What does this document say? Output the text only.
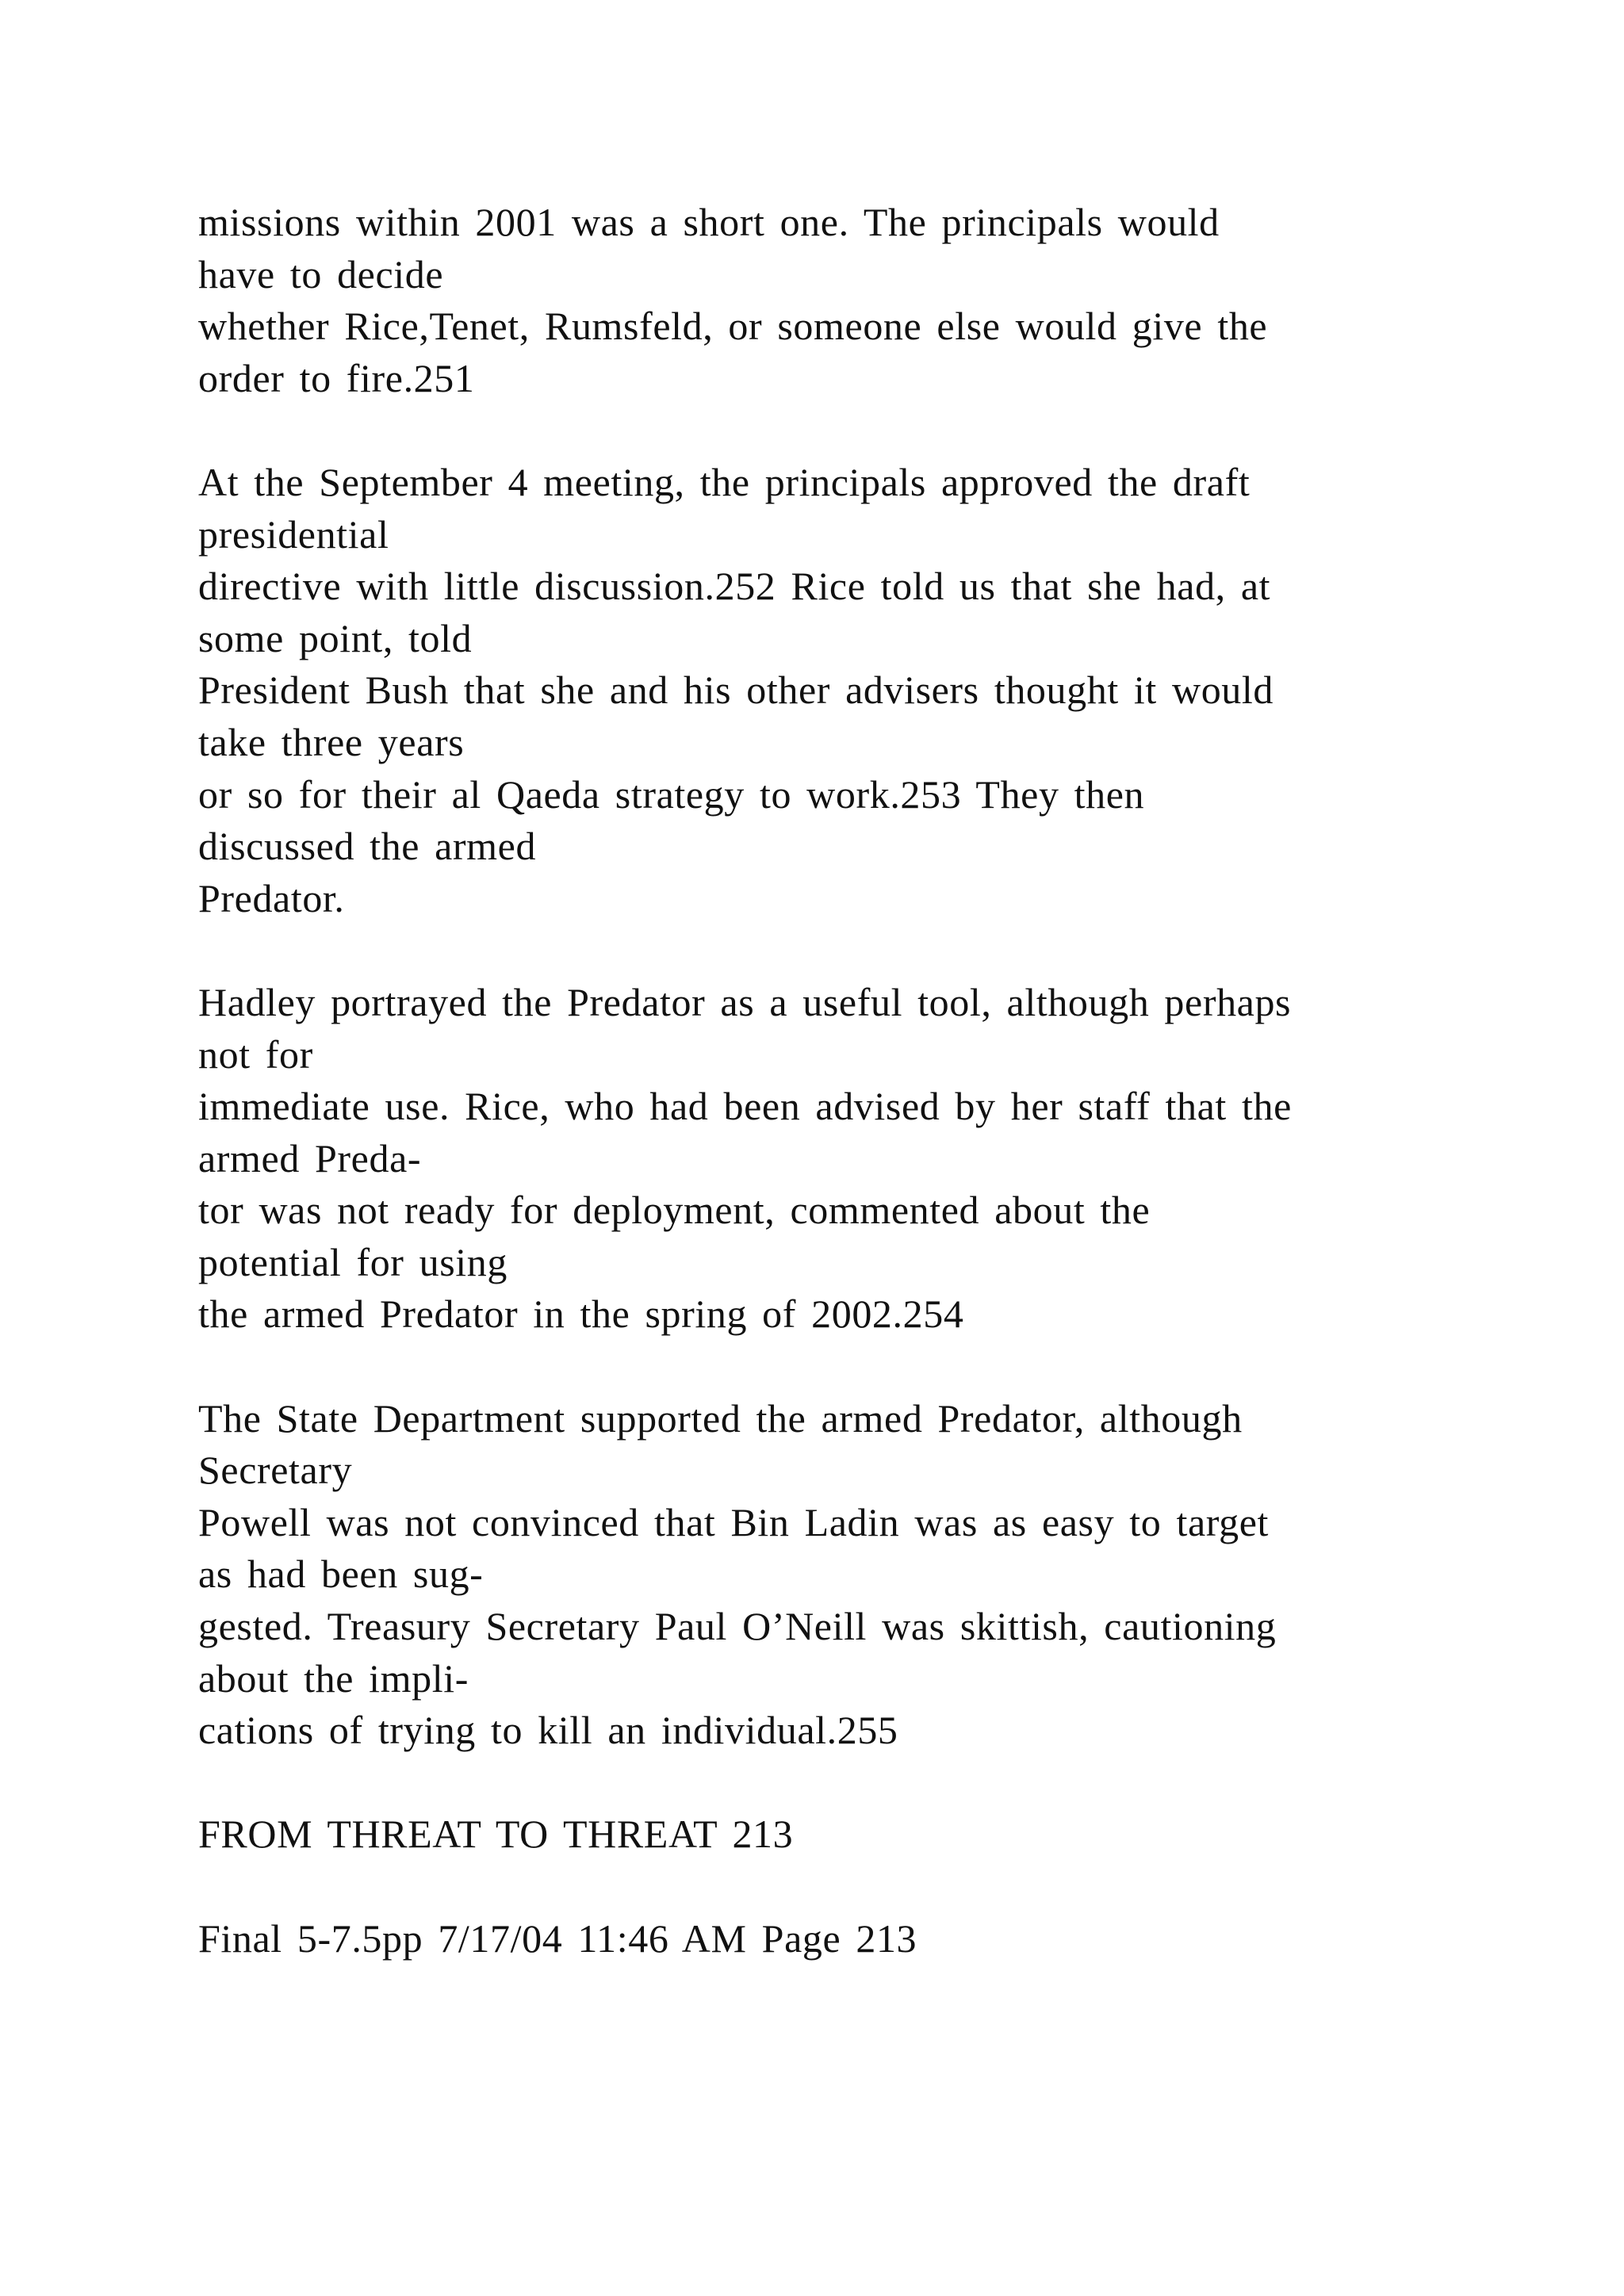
missions within 2001 was a short one. The principals would
have to decide
whether Rice,Tenet, Rumsfeld, or someone else would give the
order to fire.251
At the September 4 meeting, the principals approved the draft
presidential
directive with little discussion.252 Rice told us that she had, at
some point, told
President Bush that she and his other advisers thought it would
take three years
or so for their al Qaeda strategy to work.253 They then
discussed the armed
Predator.
Hadley portrayed the Predator as a useful tool, although perhaps
not for
immediate use. Rice, who had been advised by her staff that the
armed Preda-
tor was not ready for deployment, commented about the
potential for using
the armed Predator in the spring of 2002.254
The State Department supported the armed Predator, although
Secretary
Powell was not convinced that Bin Ladin was as easy to target
as had been sug-
gested. Treasury Secretary Paul O’Neill was skittish, cautioning
about the impli-
cations of trying to kill an individual.255
FROM THREAT TO THREAT 213
Final 5-7.5pp 7/17/04 11:46 AM Page 213
